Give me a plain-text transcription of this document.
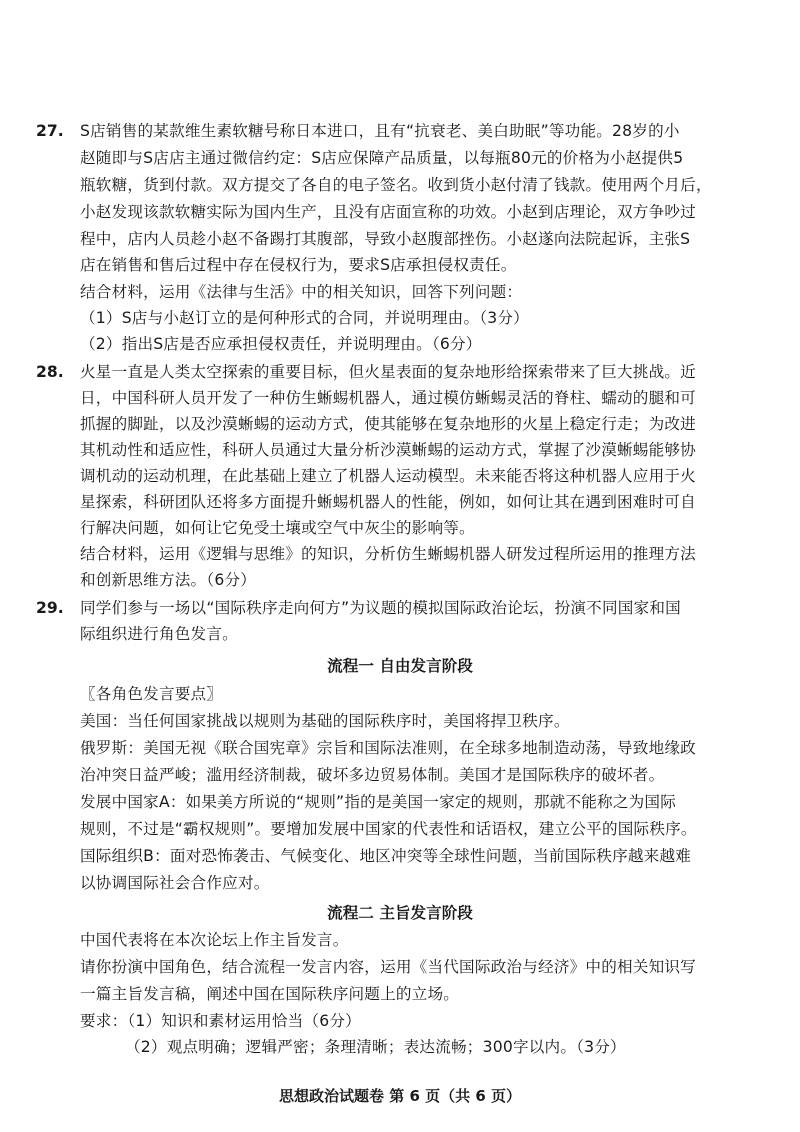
27. S店销售的某款维生素软糖号称日本进口，且有“抗衰老、美白助眠”等功能。28岁的小
赵随即与S店店主通过微信约定：S店应保障产品质量，以每瓶80元的价格为小赵提供5
瓶软糖，货到付款。双方提交了各自的电子签名。收到货小赵付清了钱款。使用两个月后，
小赵发现该款软糖实际为国内生产，且没有店面宣称的功效。小赵到店理论，双方争吵过
程中，店内人员趁小赵不备踢打其腹部，导致小赵腹部挫伤。小赵遂向法院起诉，主张S
店在销售和售后过程中存在侵权行为，要求S店承担侵权责任。
结合材料，运用《法律与生活》中的相关知识，回答下列问题：
（1）S店与小赵订立的是何种形式的合同，并说明理由。（3分）
（2）指出S店是否应承担侵权责任，并说明理由。（6分）
28. 火星一直是人类太空探索的重要目标，但火星表面的复杂地形给探索带来了巨大挑战。近
日，中国科研人员开发了一种仿生蜥蜴机器人，通过模仿蜥蜴灵活的脊柱、蠕动的腿和可
抓握的脚趾，以及沙漠蜥蜴的运动方式，使其能够在复杂地形的火星上稳定行走；为改进
其机动性和适应性，科研人员通过大量分析沙漠蜥蜴的运动方式，掌握了沙漠蜥蜴能够协
调机动的运动机理，在此基础上建立了机器人运动模型。未来能否将这种机器人应用于火
星探索，科研团队还将多方面提升蜥蜴机器人的性能，例如，如何让其在遇到困难时可自
行解决问题，如何让它免受土壤或空气中灰尘的影响等。
结合材料，运用《逻辑与思维》的知识，分析仿生蜥蜴机器人研发过程所运用的推理方法
和创新思维方法。（6分）
29. 同学们参与一场以“国际秩序走向何方”为议题的模拟国际政治论坛，扮演不同国家和国
际组织进行角色发言。
流程一 自由发言阶段
〖各角色发言要点〗
美国：当任何国家挑战以规则为基础的国际秩序时，美国将捍卫秩序。
俄罗斯：美国无视《联合国宪章》宗旨和国际法准则，在全球多地制造动荡，导致地缘政
治冲突日益严峻；滥用经济制裁，破坏多边贸易体制。美国才是国际秩序的破坏者。
发展中国家A：如果美方所说的“规则”指的是美国一家定的规则，那就不能称之为国际
规则，不过是“霸权规则”。要增加发展中国家的代表性和话语权，建立公平的国际秩序。
国际组织B：面对恐怖袭击、气候变化、地区冲突等全球性问题，当前国际秩序越来越难
以协调国际社会合作应对。
流程二 主旨发言阶段
中国代表将在本次论坛上作主旨发言。
请你扮演中国角色，结合流程一发言内容，运用《当代国际政治与经济》中的相关知识写
一篇主旨发言稿，阐述中国在国际秩序问题上的立场。
要求：（1）知识和素材运用恰当（6分）
（2）观点明确；逻辑严密；条理清晰；表达流畅；300字以内。（3分）
思想政治试题卷 第 6 页（共 6 页）
